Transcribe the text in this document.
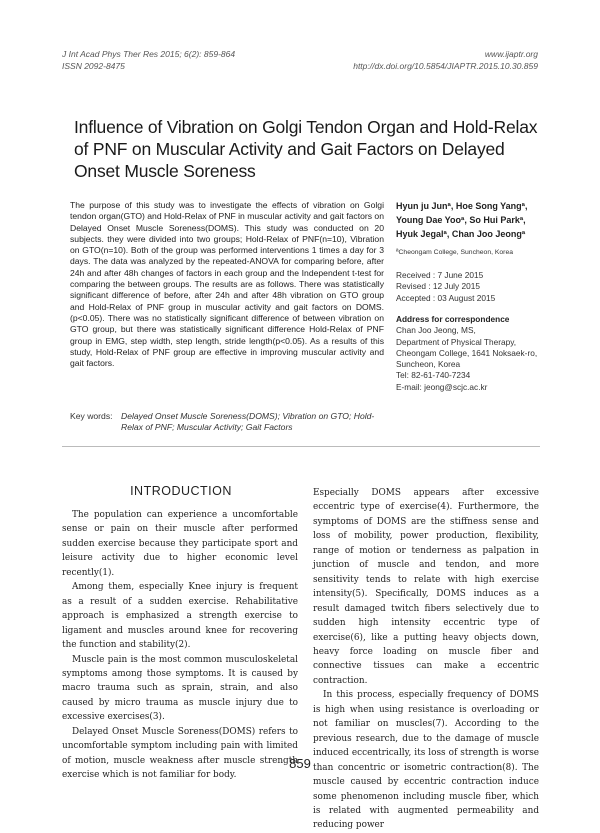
J Int Acad Phys Ther Res 2015; 6(2): 859-864
ISSN 2092-8475
www.ijaptr.org
http://dx.doi.org/10.5854/JIAPTR.2015.10.30.859
Influence of Vibration on Golgi Tendon Organ and Hold-Relax of PNF on Muscular Activity and Gait Factors on Delayed Onset Muscle Soreness
The purpose of this study was to investigate the effects of vibration on Golgi tendon organ(GTO) and Hold-Relax of PNF in muscular activity and gait factors on Delayed Onset Muscle Soreness(DOMS). This study was conducted on 20 subjects. they were divided into two groups; Hold-Relax of PNF(n=10), Vibration on GTO(n=10). Both of the group was performed interventions 1 times a day for 3 days. The data was analyzed by the repeated-ANOVA for comparing before, after 24h and after 48h changes of factors in each group and the Independent t-test for comparing the between groups. The results are as follows. There was statistically significant difference of before, after 24h and after 48h vibration on GTO group and Hold-Relax of PNF group in muscular activity and gait factors on DOMS.(p<0.05). There was no statistically significant difference of between vibration on GTO group, but there was statistically significant difference Hold-Relax of PNF group in EMG, step width, step length, stride length(p<0.05). As a results of this study, Hold-Relax of PNF group are effective in improving muscular activity and gait factors.
Hyun ju Junª, Hoe Song Yangª, Young Dae Yooª, So Hui Parkª, Hyuk Jegalª, Chan Joo Jeongª
ªCheongam College, Suncheon, Korea
Received : 7 June 2015
Revised : 12 July 2015
Accepted : 03 August 2015
Address for correspondence
Chan Joo Jeong, MS,
Department of Physical Therapy,
Cheongam College, 1641 Noksaek-ro,
Suncheon, Korea
Tel: 82-61-740-7234
E-mail: jeong@scjc.ac.kr
Key words: Delayed Onset Muscle Soreness(DOMS); Vibration on GTO; Hold-Relax of PNF; Muscular Activity; Gait Factors
INTRODUCTION

The population can experience a uncomfortable sense or pain on their muscle after performed sudden exercise because they participate sport and leisure activity due to higher economic level recently(1).

Among them, especially Knee injury is frequent as a result of a sudden exercise. Rehabilitative approach is emphasized a strength exercise to ligament and muscles around knee for recovering the function and stability(2).

Muscle pain is the most common musculoskeletal symptoms among those symptoms. It is caused by macro trauma such as sprain, strain, and also caused by micro trauma as muscle injury due to excessive exercises(3).

Delayed Onset Muscle Soreness(DOMS) refers to uncomfortable symptom including pain with limited of motion, muscle weakness after muscle strength exercise which is not familiar for body.

Especially DOMS appears after excessive eccentric type of exercise(4). Furthermore, the symptoms of DOMS are the stiffness sense and loss of mobility, power production, flexibility, range of motion or tenderness as palpation in junction of muscle and tendon, and more sensitivity tends to relate with high exercise intensity(5). Specifically, DOMS induces as a result damaged twitch fibers selectively due to sudden high intensity eccentric type of exercise(6), like a putting heavy objects down, heavy force loading on muscle fiber and connective tissues can make a eccentric contraction.

In this process, especially frequency of DOMS is high when using resistance is overloading or not familiar on muscles(7). According to the previous research, due to the damage of muscle induced eccentrically, its loss of strength is worse than concentric or isometric contraction(8). The muscle caused by eccentric contraction induce some phenomenon including muscle fiber, which is related with augmented permeability and reducing power

859
